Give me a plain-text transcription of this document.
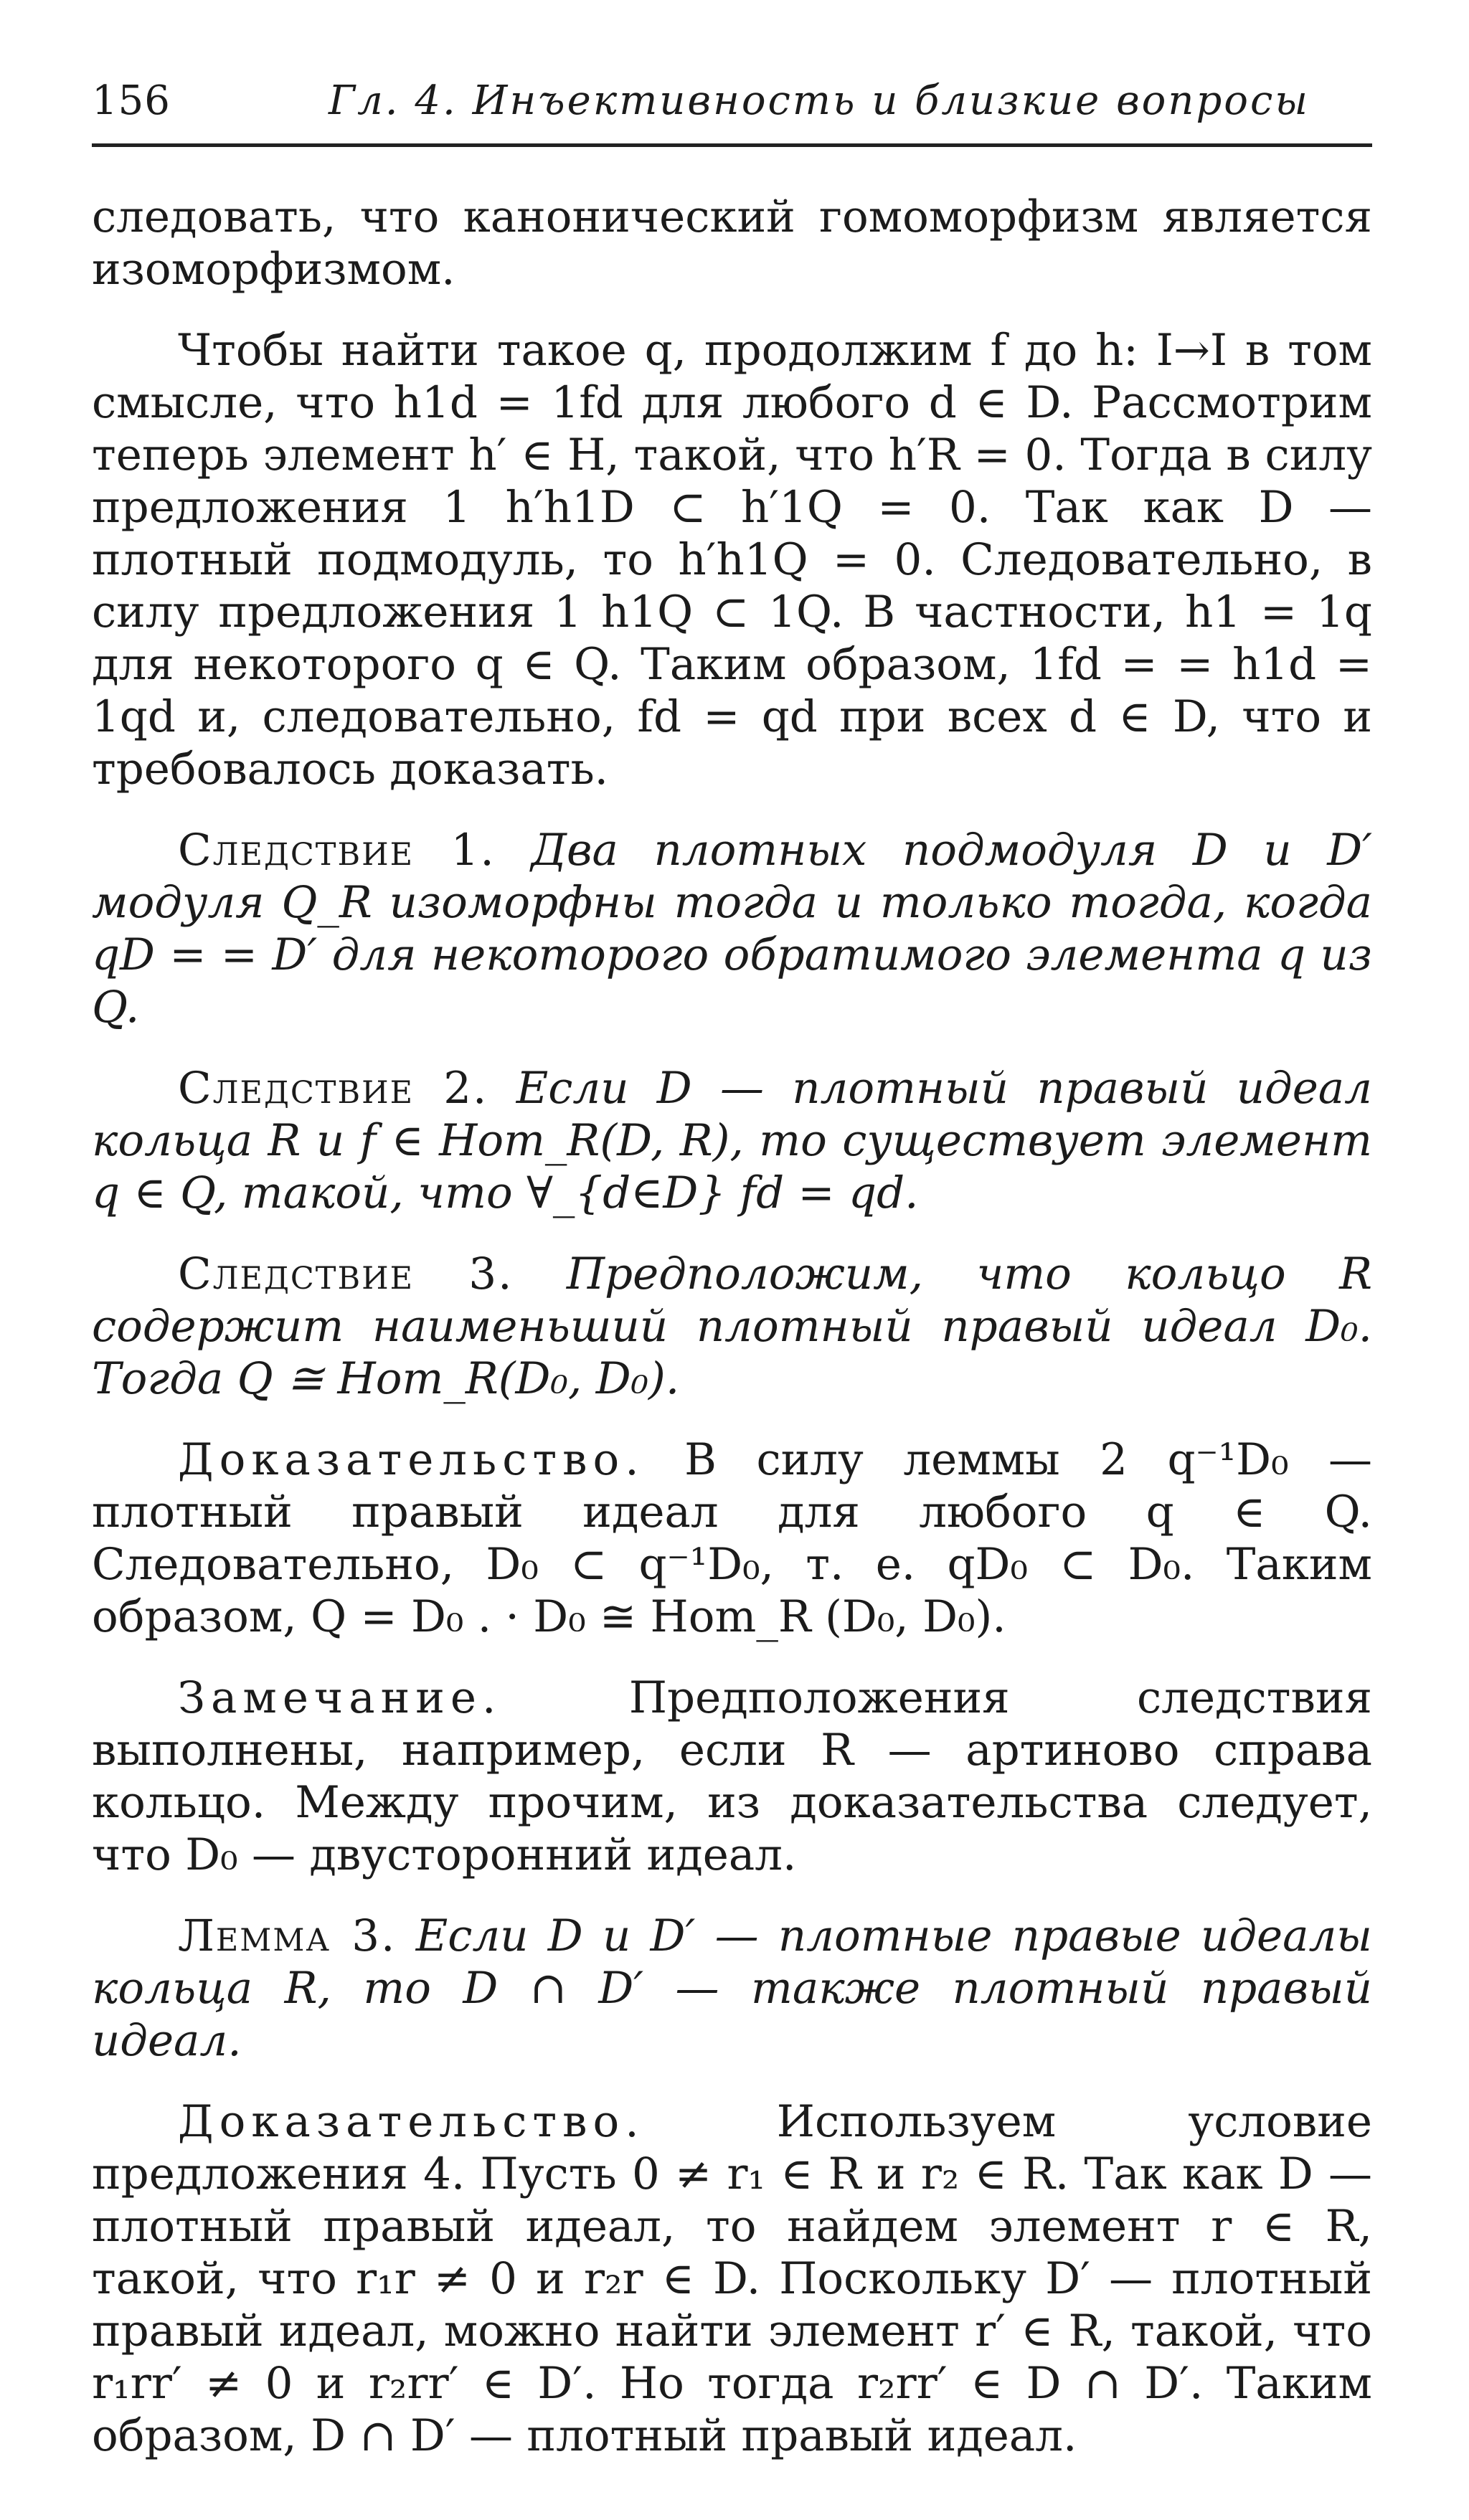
156	Гл. 4. Инъективность и близкие вопросы

следовать, что канонический гомоморфизм является изоморфизмом.

Чтобы найти такое q, продолжим f до h: I→I в том смысле, что h1d = 1fd для любого d ∈ D. Рассмотрим теперь элемент h′ ∈ H, такой, что h′R = 0. Тогда в силу предложения 1 h′h1D ⊂ h′1Q = 0. Так как D — плотный подмодуль, то h′h1Q = 0. Следовательно, в силу предложения 1 h1Q ⊂ 1Q. В частности, h1 = 1q для некоторого q ∈ Q. Таким образом, 1fd = = h1d = 1qd и, следовательно, fd = qd при всех d ∈ D, что и требовалось доказать.

Следствие 1. Два плотных подмодуля D и D′ модуля Q_R изоморфны тогда и только тогда, когда qD = = D′ для некоторого обратимого элемента q из Q.

Следствие 2. Если D — плотный правый идеал кольца R и f ∈ Hom_R(D, R), то существует элемент q ∈ Q, такой, что ∀_{d∈D} fd = qd.

Следствие 3. Предположим, что кольцо R содержит наименьший плотный правый идеал D₀. Тогда Q ≅ Hom_R(D₀, D₀).

Доказательство. В силу леммы 2 q⁻¹D₀ — плотный правый идеал для любого q ∈ Q. Следовательно, D₀ ⊂ q⁻¹D₀, т. е. qD₀ ⊂ D₀. Таким образом, Q = D₀ . · D₀ ≅ Hom_R (D₀, D₀).

Замечание.	Предположения следствия выполнены, например, если R — артиново справа кольцо. Между прочим, из доказательства следует, что D₀ — двусторонний идеал.

Лемма 3. Если D и D′ — плотные правые идеалы кольца R, то D ∩ D′ — также плотный правый идеал.

Доказательство.	Используем условие предложения 4. Пусть 0 ≠ r₁ ∈ R и r₂ ∈ R. Так как D — плотный правый идеал, то найдем элемент r ∈ R, такой, что r₁r ≠ 0 и r₂r ∈ D. Поскольку D′ — плотный правый идеал, можно найти элемент r′ ∈ R, такой, что r₁rr′ ≠ 0 и r₂rr′ ∈ D′. Но тогда r₂rr′ ∈ D ∩ D′. Таким образом, D ∩ D′ — плотный правый идеал.
